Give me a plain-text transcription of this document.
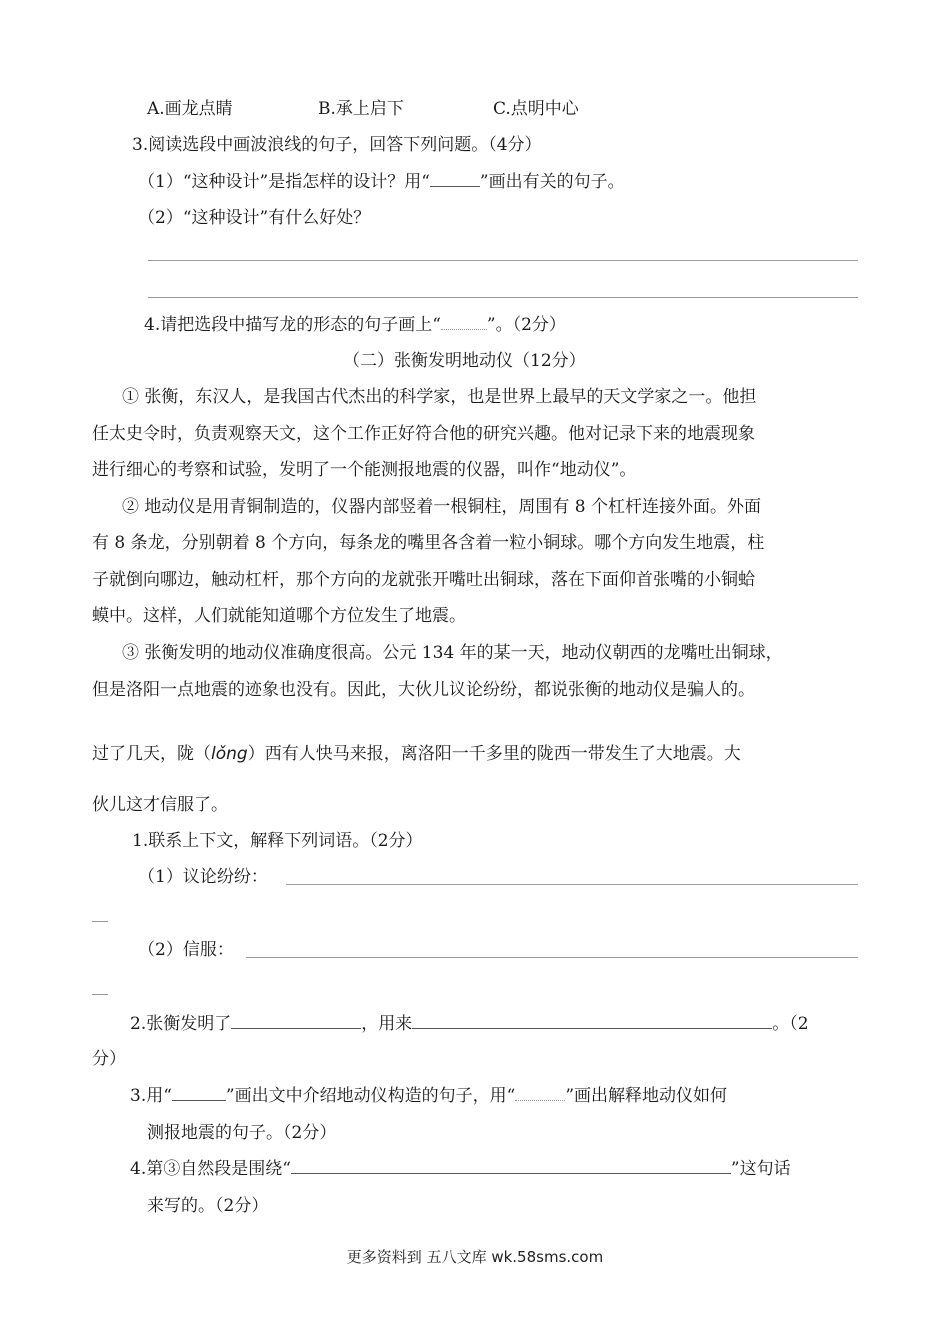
A.画龙点睛	B.承上启下	C.点明中心
3.阅读选段中画波浪线的句子，回答下列问题。（4分）
（1）“这种设计”是指怎样的设计？用“	”画出有关的句子。
（2）“这种设计”有什么好处？
4.请把选段中描写龙的形态的句子画上“	”。（2分）
（二）张衡发明地动仪（12分）
① 张衡，东汉人，是我国古代杰出的科学家，也是世界上最早的天文学家之一。他担
任太史令时，负责观察天文，这个工作正好符合他的研究兴趣。他对记录下来的地震现象
进行细心的考察和试验，发明了一个能测报地震的仪器，叫作“地动仪”。
② 地动仪是用青铜制造的，仪器内部竖着一根铜柱，周围有 8 个杠杆连接外面。外面
有 8 条龙，分别朝着 8 个方向，每条龙的嘴里各含着一粒小铜球。哪个方向发生地震，柱
子就倒向哪边，触动杠杆，那个方向的龙就张开嘴吐出铜球，落在下面仰首张嘴的小铜蛤
蟆中。这样，人们就能知道哪个方位发生了地震。
③ 张衡发明的地动仪准确度很高。公元 134 年的某一天，地动仪朝西的龙嘴吐出铜球，
但是洛阳一点地震的迹象也没有。因此，大伙儿议论纷纷，都说张衡的地动仪是骗人的。
过了几天，陇（lǒng）西有人快马来报，离洛阳一千多里的陇西一带发生了大地震。大
伙儿这才信服了。
1.联系上下文，解释下列词语。（2分）
（1）议论纷纷：
（2）信服：
2.张衡发明了	，用来	。（2
分）
3.用“	”画出文中介绍地动仪构造的句子，用“	”画出解释地动仪如何
测报地震的句子。（2分）
4.第③自然段是围绕“	”这句话
来写的。（2分）
更多资料到 五八文库 wk.58sms.com
